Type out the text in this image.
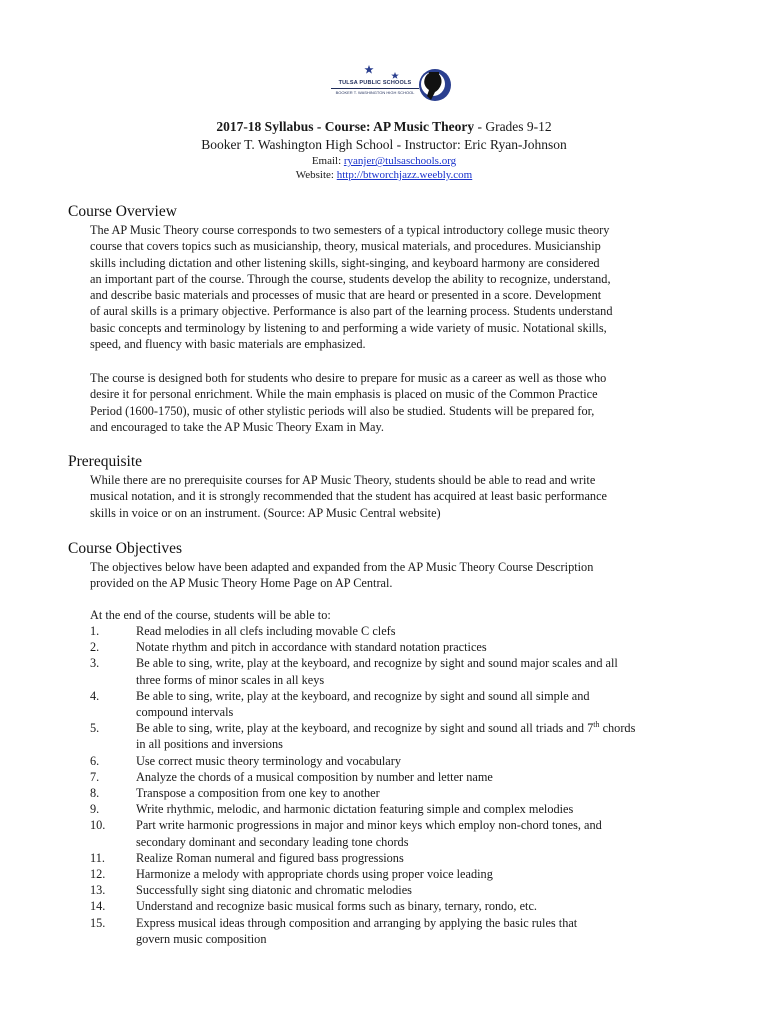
TULSA PUBLIC SCHOOLS
BOOKER T. WASHINGTON HIGH SCHOOL
2017-18 Syllabus - Course: AP Music Theory - Grades 9-12
Booker T. Washington High School - Instructor: Eric Ryan-Johnson
Email: ryanjer@tulsaschools.org
Website: http://btworchjazz.weebly.com
Course Overview
The AP Music Theory course corresponds to two semesters of a typical introductory college music theory
course that covers topics such as musicianship, theory, musical materials, and procedures. Musicianship
skills including dictation and other listening skills, sight-singing, and keyboard harmony are considered
an important part of the course. Through the course, students develop the ability to recognize, understand,
and describe basic materials and processes of music that are heard or presented in a score. Development
of aural skills is a primary objective. Performance is also part of the learning process. Students understand
basic concepts and terminology by listening to and performing a wide variety of music. Notational skills,
speed, and fluency with basic materials are emphasized.
The course is designed both for students who desire to prepare for music as a career as well as those who
desire it for personal enrichment. While the main emphasis is placed on music of the Common Practice
Period (1600-1750), music of other stylistic periods will also be studied. Students will be prepared for,
and encouraged to take the AP Music Theory Exam in May.
Prerequisite
While there are no prerequisite courses for AP Music Theory, students should be able to read and write
musical notation, and it is strongly recommended that the student has acquired at least basic performance
skills in voice or on an instrument. (Source: AP Music Central website)
Course Objectives
The objectives below have been adapted and expanded from the AP Music Theory Course Description
provided on the AP Music Theory Home Page on AP Central.
At the end of the course, students will be able to:
1.	Read melodies in all clefs including movable C clefs
2.	Notate rhythm and pitch in accordance with standard notation practices
3.	Be able to sing, write, play at the keyboard, and recognize by sight and sound major scales and all
three forms of minor scales in all keys
4.	Be able to sing, write, play at the keyboard, and recognize by sight and sound all simple and
compound intervals
5.	Be able to sing, write, play at the keyboard, and recognize by sight and sound all triads and 7th chords
in all positions and inversions
6.	Use correct music theory terminology and vocabulary
7.	Analyze the chords of a musical composition by number and letter name
8.	Transpose a composition from one key to another
9.	Write rhythmic, melodic, and harmonic dictation featuring simple and complex melodies
10. Part write harmonic progressions in major and minor keys which employ non-chord tones, and
secondary dominant and secondary leading tone chords
11.	Realize Roman numeral and figured bass progressions
12. Harmonize a melody with appropriate chords using proper voice leading
13. Successfully sight sing diatonic and chromatic melodies
14. Understand and recognize basic musical forms such as binary, ternary, rondo, etc.
15. Express musical ideas through composition and arranging by applying the basic rules that
govern music composition
